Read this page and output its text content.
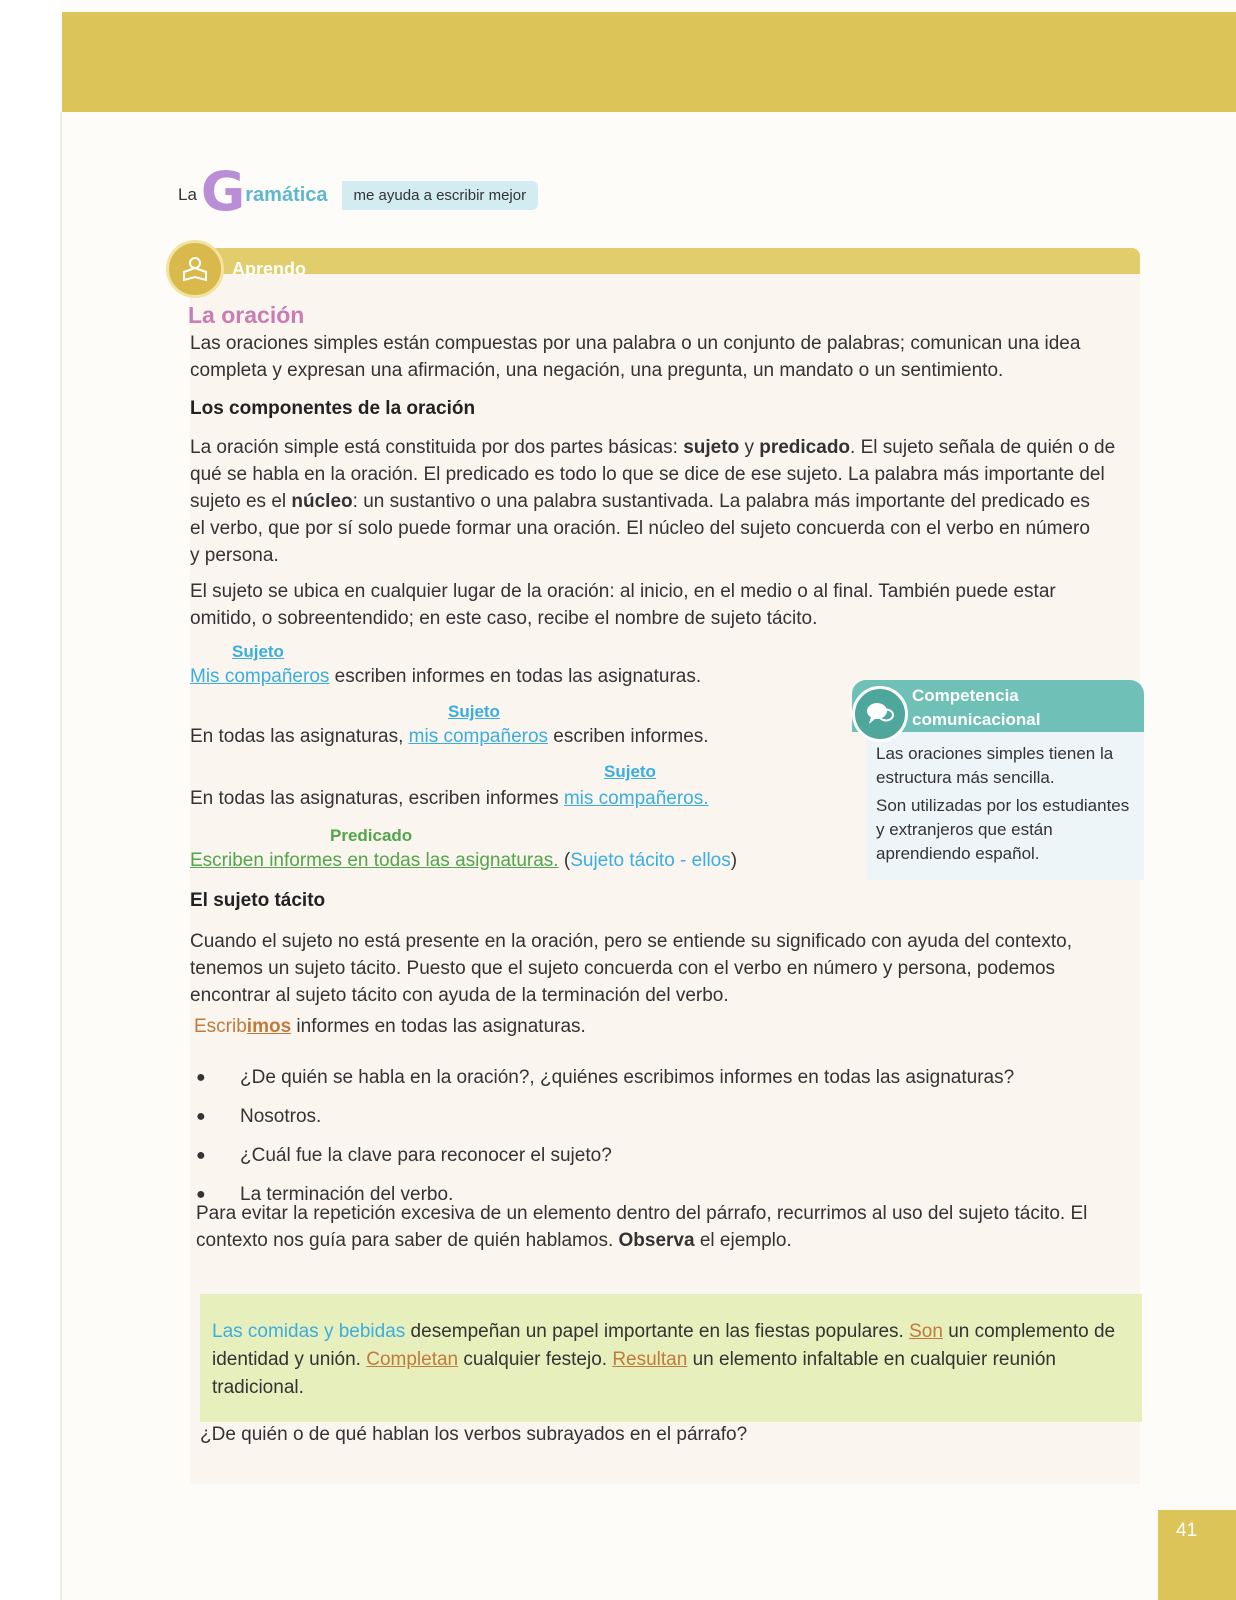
La G ramática	me ayuda a escribir mejor
Aprendo
La oración
Las oraciones simples están compuestas por una palabra o un conjunto de palabras; comunican una idea
completa y expresan una afirmación, una negación, una pregunta, un mandato o un sentimiento.
Los componentes de la oración
La oración simple está constituida por dos partes básicas: sujeto y predicado. El sujeto señala de quién o de
qué se habla en la oración. El predicado es todo lo que se dice de ese sujeto. La palabra más importante del
sujeto es el núcleo: un sustantivo o una palabra sustantivada. La palabra más importante del predicado es
el verbo, que por sí solo puede formar una oración. El núcleo del sujeto concuerda con el verbo en número
y persona.
El sujeto se ubica en cualquier lugar de la oración: al inicio, en el medio o al final. También puede estar
omitido, o sobreentendido; en este caso, recibe el nombre de sujeto tácito.
Sujeto
Mis compañeros escriben informes en todas las asignaturas.
Sujeto
En todas las asignaturas, mis compañeros escriben informes.
Sujeto
En todas las asignaturas, escriben informes mis compañeros.
Predicado
Escriben informes en todas las asignaturas. (Sujeto tácito - ellos)
Competencia
comunicacional
Las oraciones simples tienen la
estructura más sencilla.
Son utilizadas por los estudiantes
y extranjeros que están
aprendiendo español.
El sujeto tácito
Cuando el sujeto no está presente en la oración, pero se entiende su significado con ayuda del contexto,
tenemos un sujeto tácito. Puesto que el sujeto concuerda con el verbo en número y persona, podemos
encontrar al sujeto tácito con ayuda de la terminación del verbo.
Escribimos informes en todas las asignaturas.
●	¿De quién se habla en la oración?, ¿quiénes escribimos informes en todas las asignaturas?
●	Nosotros.
●	¿Cuál fue la clave para reconocer el sujeto?
●	La terminación del verbo.
Para evitar la repetición excesiva de un elemento dentro del párrafo, recurrimos al uso del sujeto tácito. El
contexto nos guía para saber de quién hablamos. Observa el ejemplo.
Las comidas y bebidas desempeñan un papel importante en las fiestas populares. Son un complemento de identidad y unión. Completan cualquier festejo. Resultan un elemento infaltable en cualquier reunión tradicional.
¿De quién o de qué hablan los verbos subrayados en el párrafo?
41
